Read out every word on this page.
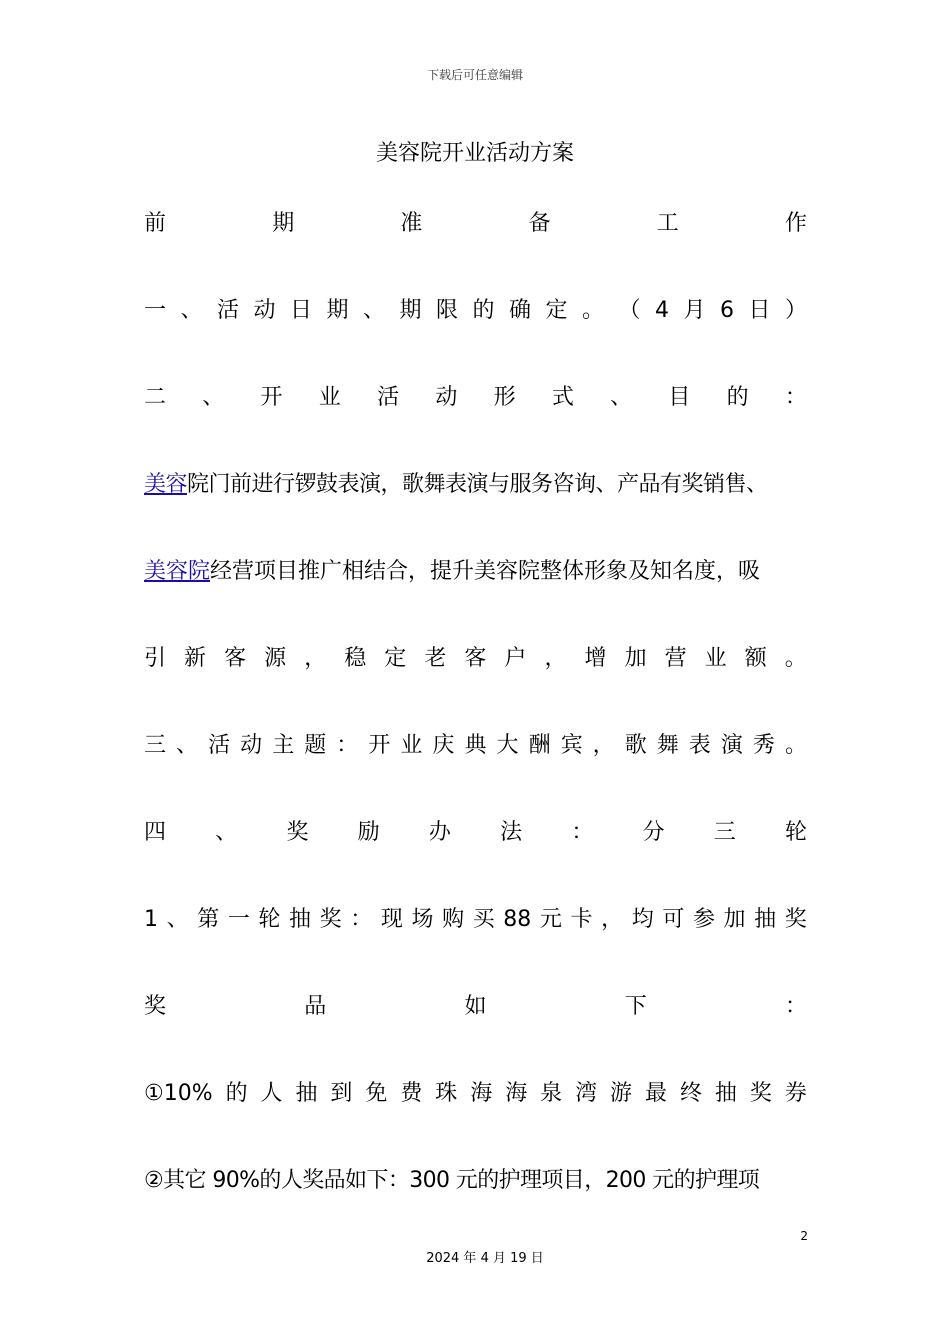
下载后可任意编辑
美容院开业活动方案
前	期	准	备	工	作
一 、 活 动 日 期 、 期 限 的 确 定 。 （ 4 月 6 日 ）
二 、 开 业 活 动 形 式 、 目 的 ：
美容院门前进行锣鼓表演，歌舞表演与服务咨询、产品有奖销售、
美容院经营项目推广相结合，提升美容院整体形象及知名度，吸
引 新 客 源 ， 稳 定 老 客 户 ， 增 加 营 业 额 。
三 、 活 动 主 题 ： 开 业 庆 典 大 酬 宾 ， 歌 舞 表 演 秀 。
四 、 奖 励 办 法 ： 分 三 轮
1 、 第 一 轮 抽 奖 ： 现 场 购 买 88 元 卡 ， 均 可 参 加 抽 奖
奖	品	如	下	：
①10% 的 人 抽 到 免 费 珠 海 海 泉 湾 游 最 终 抽 奖 券
②其它 90%的人奖品如下：300 元的护理项目，200 元的护理项
2
2024 年 4 月 19 日
